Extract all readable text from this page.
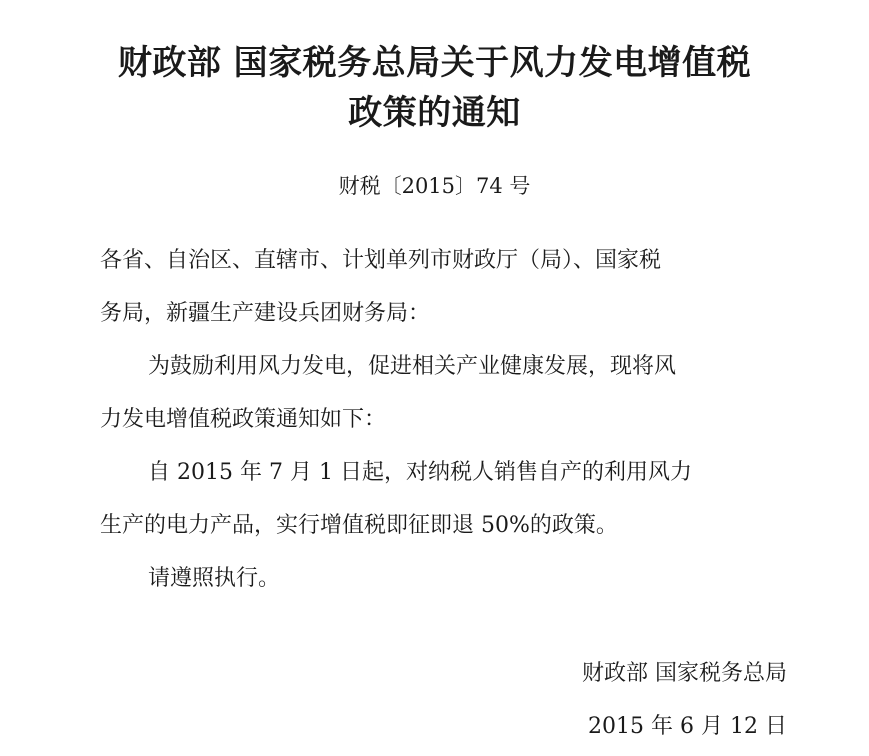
财政部 国家税务总局关于风力发电增值税
政策的通知
财税〔2015〕74 号
各省、自治区、直辖市、计划单列市财政厅（局）、国家税
务局，新疆生产建设兵团财务局：
为鼓励利用风力发电，促进相关产业健康发展，现将风
力发电增值税政策通知如下：
自 2015 年 7 月 1 日起，对纳税人销售自产的利用风力
生产的电力产品，实行增值税即征即退 50%的政策。
请遵照执行。
财政部 国家税务总局
2015 年 6 月 12 日
